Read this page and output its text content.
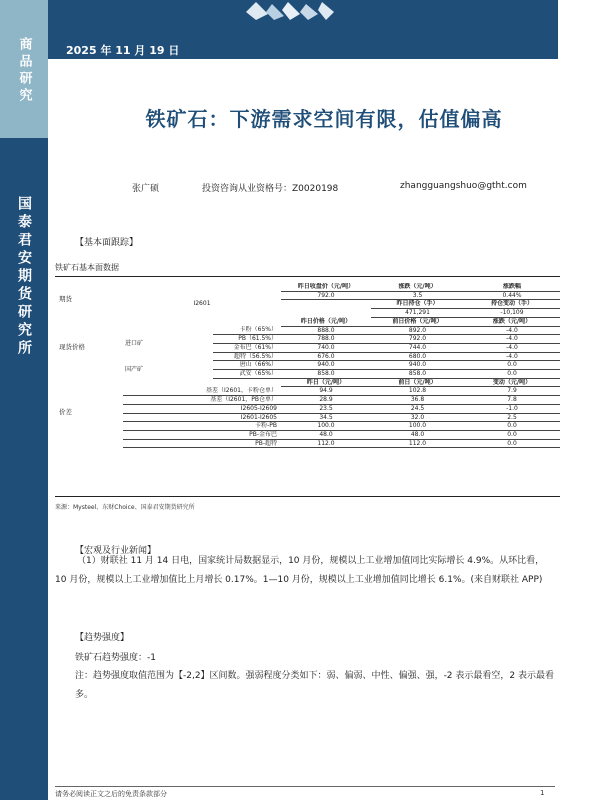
商品研究
国泰君安期货研究所
2025 年 11 月 19 日
铁矿石：下游需求空间有限，估值偏高
张广硕	投资咨询从业资格号：Z0020198	zhangguangshuo@gtht.com
【基本面跟踪】
铁矿石基本面数据
期货			昨日收盘价（元/吨）	涨跌（元/吨）	涨跌幅
	I2601		792.0	3.5	0.44%
				昨日持仓（手）	持仓变动（手）
				471,291	-10,109
现货价格			昨日价格（元/吨）	前日价格（元/吨）	涨跌（元/吨）
	进口矿	卡粉（65%）	888.0	892.0	-4.0
		PB（61.5%）	788.0	792.0	-4.0
		金布巴（61%）	740.0	744.0	-4.0
		超特（56.5%）	676.0	680.0	-4.0
	国产矿	唐山（66%）	940.0	940.0	0.0
		武安（65%）	858.0	858.0	0.0
价差			昨日（元/吨）	前日（元/吨）	变动（元/吨）
	基差（I2601，卡粉仓单）		94.9	102.8	7.9
	基差（I2601，PB仓单）		28.9	36.8	7.8
	I2605-I2609		23.5	24.5	-1.0
	I2601-I2605		34.5	32.0	2.5
	卡粉-PB		100.0	100.0	0.0
	PB-金布巴		48.0	48.0	0.0
	PB-超特		112.0	112.0	0.0
来源：Mysteel、东财Choice、国泰君安期货研究所
【宏观及行业新闻】
（1）财联社 11 月 14 日电，国家统计局数据显示，10 月份，规模以上工业增加值同比实际增长 4.9%。从环比看，10 月份，规模以上工业增加值比上月增长 0.17%。1—10 月份，规模以上工业增加值同比增长 6.1%。(来自财联社 APP)
【趋势强度】
铁矿石趋势强度：-1
注：趋势强度取值范围为【-2,2】区间数。强弱程度分类如下：弱、偏弱、中性、偏强、强，-2 表示最看空，2 表示最看多。
请务必阅读正文之后的免责条款部分	1
